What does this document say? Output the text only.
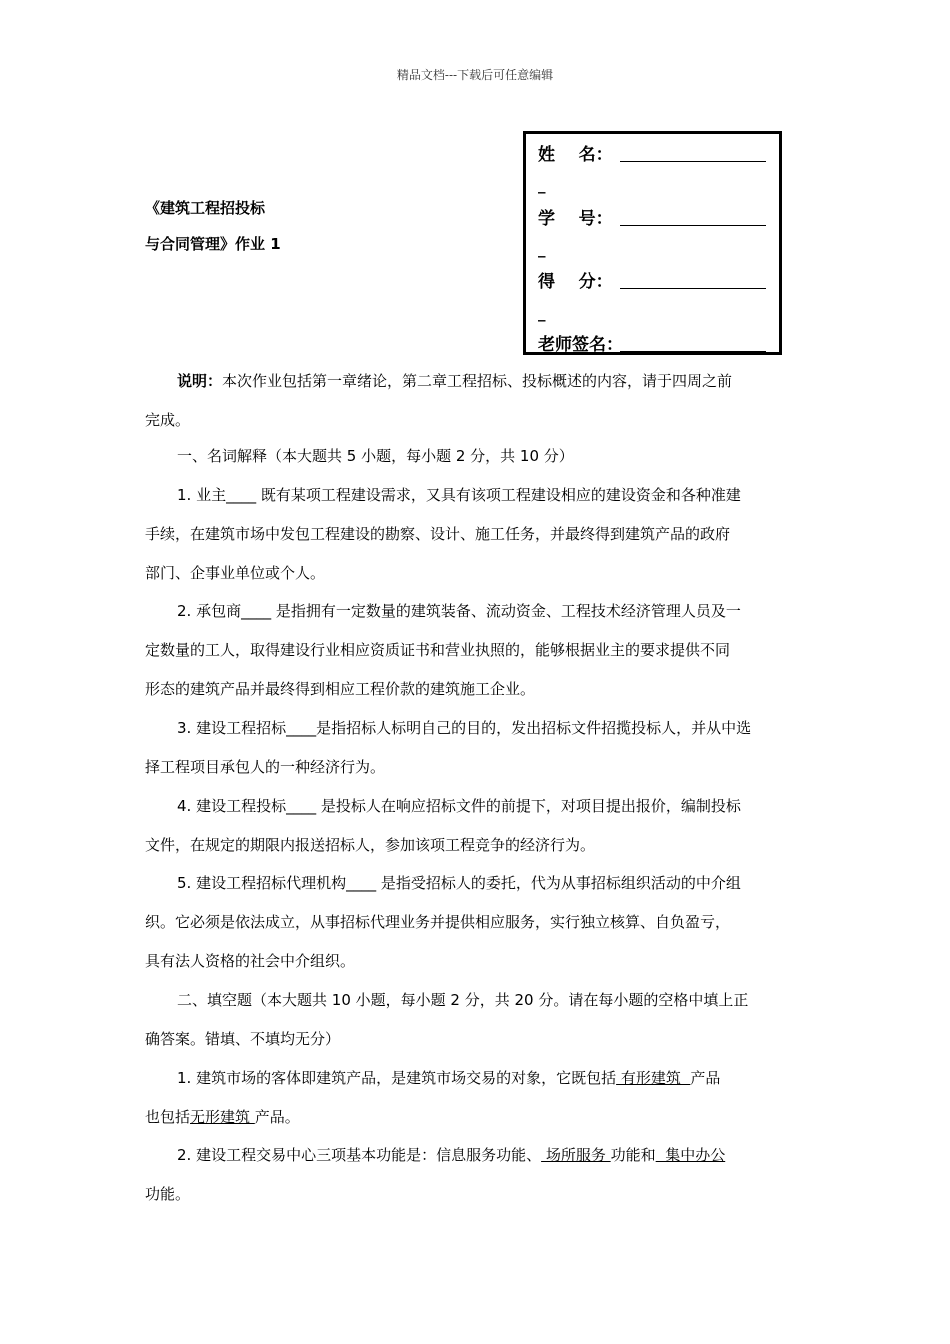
精品文档---下载后可任意编辑
《建筑工程招投标
与合同管理》作业 1
姓    名：
_
学    号：
_
得    分：
_
老师签名：
说明：本次作业包括第一章绪论，第二章工程招标、投标概述的内容，请于四周之前
完成。
一、名词解释（本大题共 5 小题，每小题 2 分，共 10 分）
1. 业主____ 既有某项工程建设需求，又具有该项工程建设相应的建设资金和各种准建
手续，在建筑市场中发包工程建设的勘察、设计、施工任务，并最终得到建筑产品的政府
部门、企事业单位或个人。
2. 承包商____ 是指拥有一定数量的建筑装备、流动资金、工程技术经济管理人员及一
定数量的工人，取得建设行业相应资质证书和营业执照的，能够根据业主的要求提供不同
形态的建筑产品并最终得到相应工程价款的建筑施工企业。
3. 建设工程招标____是指招标人标明自己的目的，发出招标文件招揽投标人，并从中选
择工程项目承包人的一种经济行为。
4. 建设工程投标____ 是投标人在响应招标文件的前提下，对项目提出报价，编制投标
文件，在规定的期限内报送招标人，参加该项工程竞争的经济行为。
5. 建设工程招标代理机构____ 是指受招标人的委托，代为从事招标组织活动的中介组
织。它必须是依法成立，从事招标代理业务并提供相应服务，实行独立核算、自负盈亏，
具有法人资格的社会中介组织。
二、填空题（本大题共 10 小题，每小题 2 分，共 20 分。请在每小题的空格中填上正
确答案。错填、不填均无分）
1. 建筑市场的客体即建筑产品，是建筑市场交易的对象，它既包括 有形建筑  产品
也包括无形建筑 产品。
2. 建设工程交易中心三项基本功能是：信息服务功能、 场所服务 功能和  集中办公
功能。
